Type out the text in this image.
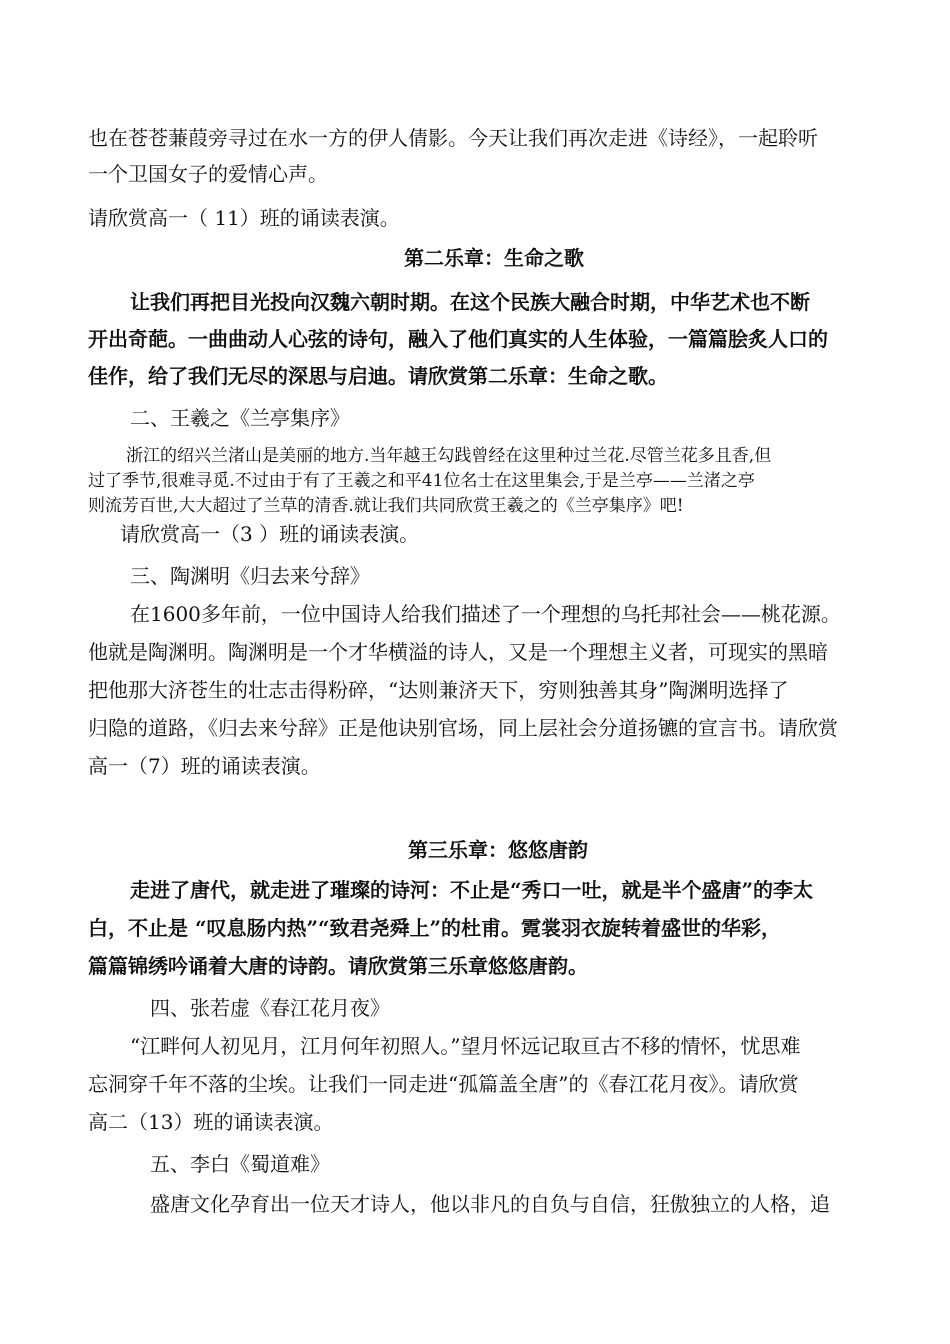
也在苍苍蒹葭旁寻过在水一方的伊人倩影。今天让我们再次走进《诗经》，一起聆听
一个卫国女子的爱情心声。
请欣赏高一（ 11）班的诵读表演。
第二乐章：生命之歌
让我们再把目光投向汉魏六朝时期。在这个民族大融合时期，中华艺术也不断
开出奇葩。一曲曲动人心弦的诗句，融入了他们真实的人生体验，一篇篇脍炙人口的
佳作，给了我们无尽的深思与启迪。请欣赏第二乐章：生命之歌。
二、王羲之《兰亭集序》
浙江的绍兴兰渚山是美丽的地方.当年越王勾践曾经在这里种过兰花.尽管兰花多且香,但
过了季节,很难寻觅.不过由于有了王羲之和平41位名士在这里集会,于是兰亭——兰渚之亭
则流芳百世,大大超过了兰草的清香.就让我们共同欣赏王羲之的《兰亭集序》吧!
请欣赏高一（3 ）班的诵读表演。
三、陶渊明《归去来兮辞》
在1600多年前，一位中国诗人给我们描述了一个理想的乌托邦社会——桃花源。
他就是陶渊明。陶渊明是一个才华横溢的诗人，又是一个理想主义者，可现实的黑暗
把他那大济苍生的壮志击得粉碎，“达则兼济天下，穷则独善其身”陶渊明选择了
归隐的道路，《归去来兮辞》正是他诀别官场，同上层社会分道扬镳的宣言书。请欣赏
高一（7）班的诵读表演。
第三乐章：悠悠唐韵
走进了唐代，就走进了璀璨的诗河：不止是“秀口一吐，就是半个盛唐”的李太
白，不止是 “叹息肠内热”“致君尧舜上”的杜甫。霓裳羽衣旋转着盛世的华彩，
篇篇锦绣吟诵着大唐的诗韵。请欣赏第三乐章悠悠唐韵。
四、张若虚《春江花月夜》
“江畔何人初见月，江月何年初照人。”望月怀远记取亘古不移的情怀，忧思难
忘洞穿千年不落的尘埃。让我们一同走进“孤篇盖全唐”的《春江花月夜》。请欣赏
高二（13）班的诵读表演。
五、李白《蜀道难》
盛唐文化孕育出一位天才诗人，他以非凡的自负与自信，狂傲独立的人格，追
